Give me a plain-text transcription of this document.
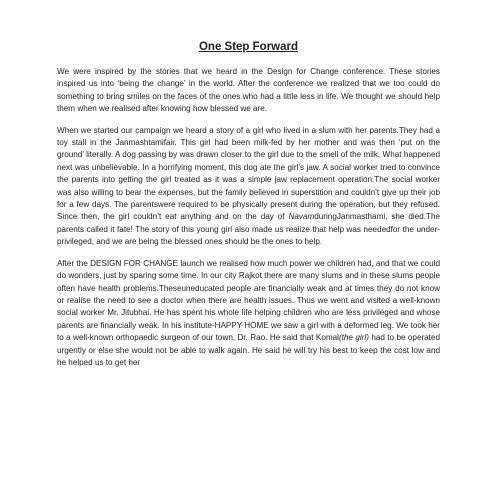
One Step Forward

We were inspired by the stories that we heard in the Design for Change conference. These stories inspired us into ‘being the change’ in the world. After the conference we realized that we too could do something to bring smiles on the faces of the ones who had a little less in life. We thought we should help them when we realised after knowing how blessed we are.

When we started our campaign we heard a story of a girl who lived in a slum with her parents.They had a toy stall in the Janmashtamifair. This girl had been milk-fed by her mother and was then ‘put on the ground’ literally. A dog passing by was drawn closer to the girl due to the smell of the milk. What happened next was unbelievable. In a horrifying moment, this dog ate the girl’s jaw. A social worker tried to convince the parents into getting the girl treated as it was a simple jaw replacement operation.The social worker was also willing to bear the expenses, but the family believed in superstition and couldn’t give up their job for a few days. The parentswere required to be physically present during the operation, but they refused. Since then, the girl couldn’t eat anything and on the day of NavamduringJanmasthami, she died.The parents called it fate! The story of this young girl also made us realize that help was neededfor the under-privileged, and we are being the blessed ones should be the ones to help.

After the DESIGN FOR CHANGE launch we realised how much power we children had, and that we could do wonders, just by sparing some time. In our city Rajkot there are many slums and in these slums people often have health problems.Theseuneducated people are financially weak and at times they do not know or realise the need to see a doctor when there are health issues. Thus we went and visited a well-known social worker Mr. Jitubhai. He has spent his whole life helping children who are less privileged and whose parents are financially weak. In his institute-HAPPY HOME we saw a girl with a deformed leg. We took her to a well-known orthopaedic surgeon of our town, Dr. Rao. He said that Komal(the girl) had to be operated urgently or else she would not be able to walk again. He said he will try his best to keep the cost low and he helped us to get her
